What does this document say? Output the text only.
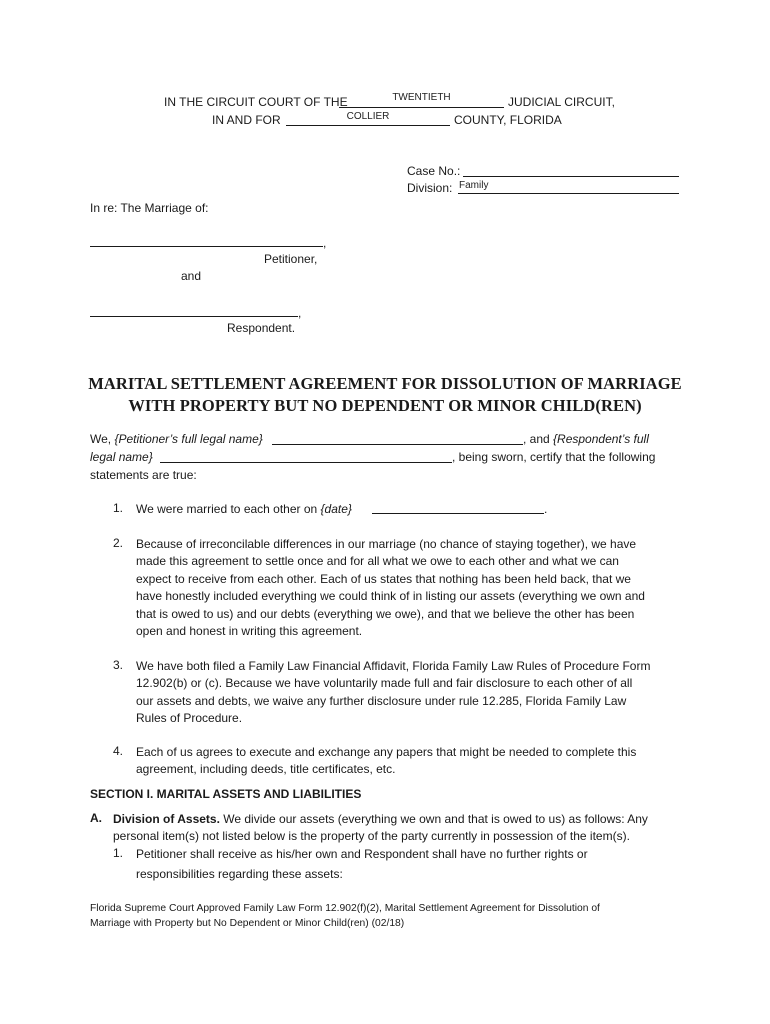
IN THE CIRCUIT COURT OF THE	TWENTIETH	JUDICIAL CIRCUIT,
IN AND FOR	COLLIER	COUNTY, FLORIDA
Case No.:
Division: Family
In re: The Marriage of:
,
Petitioner,
and
,
Respondent.
MARITAL SETTLEMENT AGREEMENT FOR DISSOLUTION OF MARRIAGE
WITH PROPERTY BUT NO DEPENDENT OR MINOR CHILD(REN)
We, {Petitioner’s full legal name}	, and {Respondent’s full
legal name}	, being sworn, certify that the following
statements are true:
1. We were married to each other on {date}	.
2. Because of irreconcilable differences in our marriage (no chance of staying together), we have
made this agreement to settle once and for all what we owe to each other and what we can
expect to receive from each other. Each of us states that nothing has been held back, that we
have honestly included everything we could think of in listing our assets (everything we own and
that is owed to us) and our debts (everything we owe), and that we believe the other has been
open and honest in writing this agreement.
3. We have both filed a Family Law Financial Affidavit, Florida Family Law Rules of Procedure Form
12.902(b) or (c). Because we have voluntarily made full and fair disclosure to each other of all
our assets and debts, we waive any further disclosure under rule 12.285, Florida Family Law
Rules of Procedure.
4. Each of us agrees to execute and exchange any papers that might be needed to complete this
agreement, including deeds, title certificates, etc.
SECTION I. MARITAL ASSETS AND LIABILITIES
A. Division of Assets. We divide our assets (everything we own and that is owed to us) as follows: Any
personal item(s) not listed below is the property of the party currently in possession of the item(s).
1. Petitioner shall receive as his/her own and Respondent shall have no further rights or
responsibilities regarding these assets:
Florida Supreme Court Approved Family Law Form 12.902(f)(2), Marital Settlement Agreement for Dissolution of
Marriage with Property but No Dependent or Minor Child(ren) (02/18)
